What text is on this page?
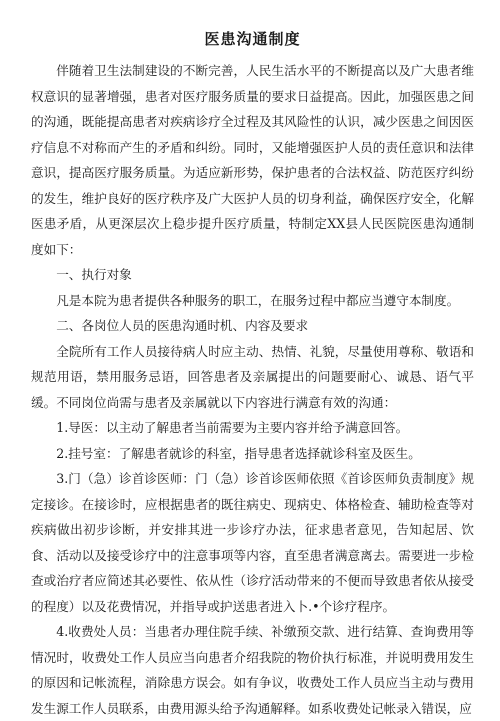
医患沟通制度

伴随着卫生法制建设的不断完善，人民生活水平的不断提高以及广大患者维权意识的显著增强，患者对医疗服务质量的要求日益提高。因此，加强医患之间的沟通，既能提高患者对疾病诊疗全过程及其风险性的认识，减少医患之间因医疗信息不对称而产生的矛盾和纠纷。同时，又能增强医护人员的责任意识和法律意识，提高医疗服务质量。为适应新形势，保护患者的合法权益、防范医疗纠纷的发生，维护良好的医疗秩序及广大医护人员的切身利益，确保医疗安全，化解医患矛盾，从更深层次上稳步提升医疗质量，特制定XX县人民医院医患沟通制度如下：

一、执行对象

凡是本院为患者提供各种服务的职工，在服务过程中都应当遵守本制度。

二、各岗位人员的医患沟通时机、内容及要求

全院所有工作人员接待病人时应主动、热情、礼貌，尽量使用尊称、敬语和规范用语，禁用服务忌语，回答患者及亲属提出的问题要耐心、诚恳、语气平缓。不同岗位尚需与患者及亲属就以下内容进行满意有效的沟通：

1.导医：以主动了解患者当前需要为主要内容并给予满意回答。

2.挂号室：了解患者就诊的科室，指导患者选择就诊科室及医生。

3.门（急）诊首诊医师：门（急）诊首诊医师依照《首诊医师负责制度》规定接诊。在接诊时，应根据患者的既往病史、现病史、体格检查、辅助检查等对疾病做出初步诊断，并安排其进一步诊疗办法，征求患者意见，告知起居、饮食、活动以及接受诊疗中的注意事项等内容，直至患者满意离去。需要进一步检查或治疗者应简述其必要性、依从性（诊疗活动带来的不便而导致患者依从接受的程度）以及花费情况，并指导或护送患者进入卜.•个诊疗程序。

4.收费处人员：当患者办理住院手续、补缴预交款、进行结算、查询费用等情况时，收费处工作人员应当向患者介绍我院的物价执行标准，并说明费用发生的原因和记帐流程，消除患方误会。如有争议，收费处工作人员应当主动与费用发生源工作人员联系，由费用源头给予沟通解释。如系收费处记帐录入错误，应
